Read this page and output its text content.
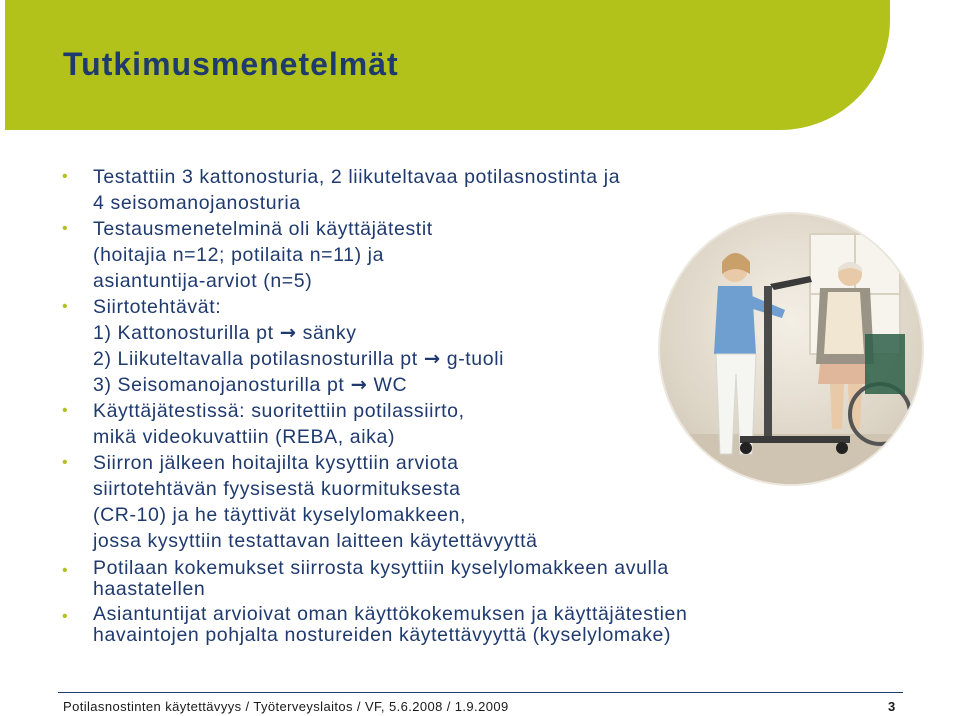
Tutkimusmenetelmät
• Testattiin 3 kattonosturia, 2 liikuteltavaa potilasnostinta ja
4 seisomanojanosturia
• Testausmenetelminä oli käyttäjätestit
(hoitajia n=12; potilaita n=11) ja
asiantuntija-arviot (n=5)
• Siirtotehtävät:
1) Kattonosturilla pt → sänky
2) Liikuteltavalla potilasnosturilla pt → g-tuoli
3) Seisomanojanosturilla pt → WC
• Käyttäjätestissä: suoritettiin potilassiirto,
mikä videokuvattiin (REBA, aika)
• Siirron jälkeen hoitajilta kysyttiin arviota
siirtotehtävän fyysisestä kuormituksesta
(CR-10) ja he täyttivät kyselylomakkeen,
jossa kysyttiin testattavan laitteen käytettävyyttä
• Potilaan kokemukset siirrosta kysyttiin kyselylomakkeen avulla
haastatellen
• Asiantuntijat arvioivat oman käyttökokemuksen ja käyttäjätestien
havaintojen pohjalta nostureiden käytettävyyttä (kyselylomake)
Potilasnostinten käytettävyys / Työterveyslaitos / VF, 5.6.2008 / 1.9.2009	3
